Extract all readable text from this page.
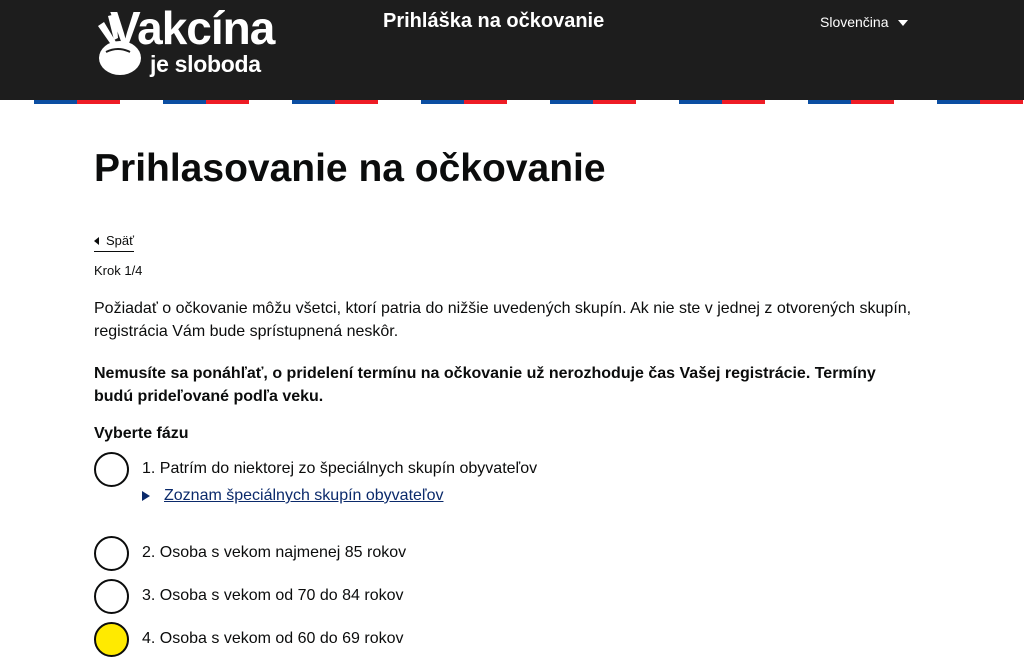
Vakcína
je sloboda
Prihláška na očkovanie	Slovenčina
Prihlasovanie na očkovanie
Späť
Krok 1/4

Požiadať o očkovanie môžu všetci, ktorí patria do nižšie uvedených skupín. Ak nie ste v jednej z otvorených skupín, registrácia Vám bude sprístupnená neskôr.

Nemusíte sa ponáhľať, o pridelení termínu na očkovanie už nerozhoduje čas Vašej registrácie. Termíny budú prideľované podľa veku.

Vyberte fázu
1. Patrím do niektorej zo špeciálnych skupín obyvateľov
Zoznam špeciálnych skupín obyvateľov
2. Osoba s vekom najmenej 85 rokov
3. Osoba s vekom od 70 do 84 rokov
4. Osoba s vekom od 60 do 69 rokov
